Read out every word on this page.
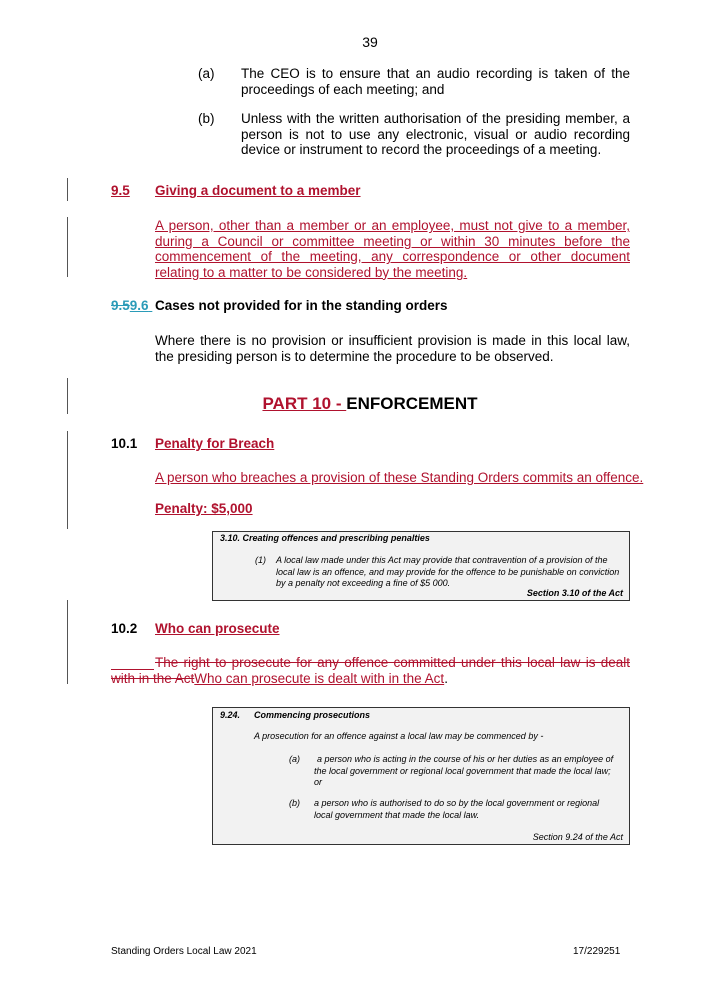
39
(a) The CEO is to ensure that an audio recording is taken of the proceedings of each meeting; and
(b) Unless with the written authorisation of the presiding member, a person is not to use any electronic, visual or audio recording device or instrument to record the proceedings of a meeting.
9.5 Giving a document to a member
A person, other than a member or an employee, must not give to a member, during a Council or committee meeting or within 30 minutes before the commencement of the meeting, any correspondence or other document relating to a matter to be considered by the meeting.
9.59.6 Cases not provided for in the standing orders
Where there is no provision or insufficient provision is made in this local law, the presiding person is to determine the procedure to be observed.
PART 10 - ENFORCEMENT
10.1 Penalty for Breach
A person who breaches a provision of these Standing Orders commits an offence.
Penalty: $5,000
3.10. Creating offences and prescribing penalties
(1) A local law made under this Act may provide that contravention of a provision of the local law is an offence, and may provide for the offence to be punishable on conviction by a penalty not exceeding a fine of $5 000.
Section 3.10 of the Act
10.2 Who can prosecute
The right to prosecute for any offence committed under this local law is dealt with in the ActWho can prosecute is dealt with in the Act.
9.24. Commencing prosecutions
A prosecution for an offence against a local law may be commenced by -
(a)	a person who is acting in the course of his or her duties as an employee of the local government or regional local government that made the local law; or
(b) a person who is authorised to do so by the local government or regional local government that made the local law.
Section 9.24 of the Act
Standing Orders Local Law 2021	17/229251
